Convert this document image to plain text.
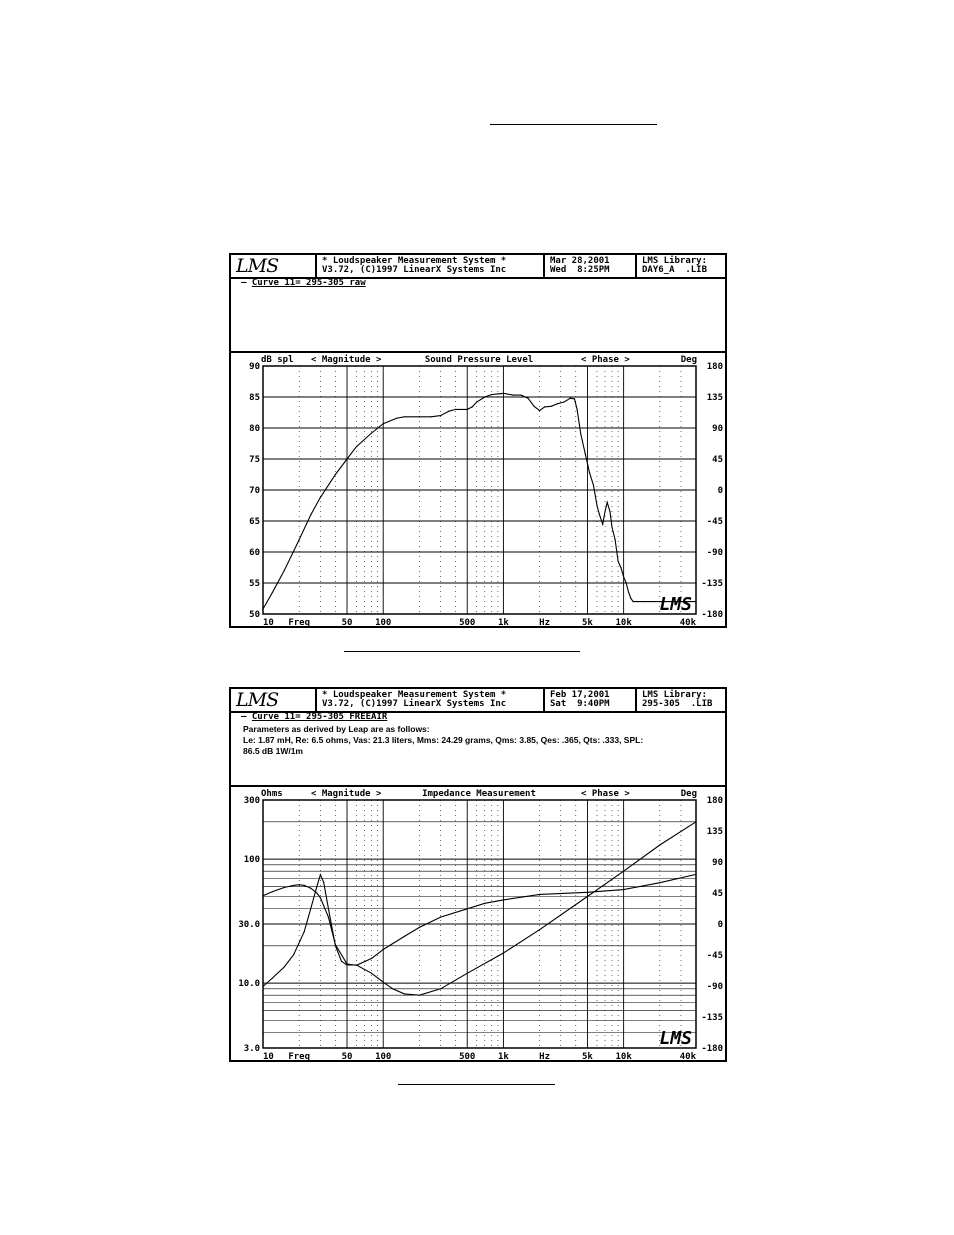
LMS	* Loudspeaker Measurement System *
V3.72, (C)1997 LinearX Systems Inc
Mar 28,2001
Wed  8:25PM
LMS Library:
DAY6_A  .LIB
— Curve 11= 295-305 raw
dB spl < Magnitude >	Sound Pressure Level	< Phase >	Deg
90
85
80
75
70
65
60
55
50
180
135
90
45
0
-45
-90
-135
-180
10	50	100	500	1k	5k	10k	40k
Freq	Hz
LMS
LMS	* Loudspeaker Measurement System *
V3.72, (C)1997 LinearX Systems Inc
Feb 17,2001
Sat  9:40PM
LMS Library:
295-305  .LIB
— Curve 11= 295-305 FREEAIR
Parameters as derived by Leap are as follows:
Le: 1.87 mH, Re: 6.5 ohms, Vas: 21.3 liters, Mms: 24.29 grams, Qms: 3.85, Qes: .365, Qts: .333, SPL:
86.5 dB 1W/1m
Ohms	< Magnitude >	Impedance Measurement	< Phase >	Deg
300
100
30.0
10.0
3.0
180
135
90
45
0
-45
-90
-135
-180
10	50	100	500	1k	5k	10k	40k
Freq	Hz
LMS
